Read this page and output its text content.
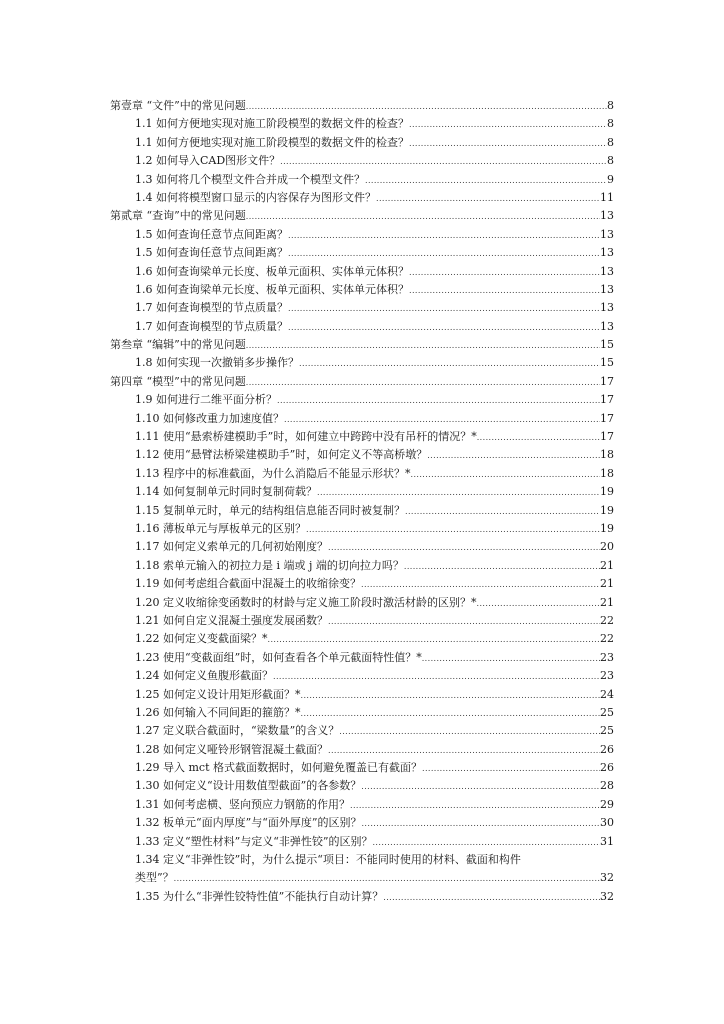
第壹章 “文件”中的常见问题 .....	8
1.1 如何方便地实现对施工阶段模型的数据文件的检查？ .....	8
1.1 如何方便地实现对施工阶段模型的数据文件的检查？ .....	8
1.2 如何导入CAD图形文件？ .....	8
1.3 如何将几个模型文件合并成一个模型文件？ .....	9
1.4 如何将模型窗口显示的内容保存为图形文件？ .....	11
第贰章 “查询”中的常见问题 .....	13
1.5 如何查询任意节点间距离？ .....	13
1.5 如何查询任意节点间距离？ .....	13
1.6 如何查询梁单元长度、板单元面积、实体单元体积？ .....	13
1.6 如何查询梁单元长度、板单元面积、实体单元体积？ .....	13
1.7 如何查询模型的节点质量？ .....	13
1.7 如何查询模型的节点质量？ .....	13
第叁章 “编辑”中的常见问题 .....	15
1.8 如何实现一次撤销多步操作？ .....	15
第四章 “模型”中的常见问题 .....	17
1.9 如何进行二维平面分析？ .....	17
1.10 如何修改重力加速度值？ .....	17
1.11 使用“悬索桥建模助手”时，如何建立中跨跨中没有吊杆的情况？* .....	17
1.12 使用“悬臂法桥梁建模助手”时，如何定义不等高桥墩？ .....	18
1.13 程序中的标准截面，为什么消隐后不能显示形状？* .....	18
1.14 如何复制单元时同时复制荷载？ .....	19
1.15 复制单元时，单元的结构组信息能否同时被复制？ .....	19
1.16 薄板单元与厚板单元的区别？ .....	19
1.17 如何定义索单元的几何初始刚度？ .....	20
1.18 索单元输入的初拉力是 i 端或 j 端的切向拉力吗？ .....	21
1.19 如何考虑组合截面中混凝土的收缩徐变？ .....	21
1.20 定义收缩徐变函数时的材龄与定义施工阶段时激活材龄的区别？* .....	21
1.21 如何自定义混凝土强度发展函数？ .....	22
1.22 如何定义变截面梁？* .....	22
1.23 使用“变截面组”时，如何查看各个单元截面特性值？* .....	23
1.24 如何定义鱼腹形截面？ .....	23
1.25 如何定义设计用矩形截面？* .....	24
1.26 如何输入不同间距的箍筋？* .....	25
1.27 定义联合截面时，“梁数量”的含义？ .....	25
1.28 如何定义哑铃形钢管混凝土截面？ .....	26
1.29 导入 mct 格式截面数据时，如何避免覆盖已有截面？ .....	26
1.30 如何定义“设计用数值型截面”的各参数？ .....	28
1.31 如何考虑横、竖向预应力钢筋的作用？ .....	29
1.32 板单元“面内厚度”与“面外厚度”的区别？ .....	30
1.33 定义“塑性材料”与定义“非弹性铰”的区别？ .....	31
1.34 定义“非弹性铰”时，为什么提示“项目：不能同时使用的材料、截面和构件
类型”？ .....	32
1.35 为什么“非弹性铰特性值”不能执行自动计算？ .....	32
